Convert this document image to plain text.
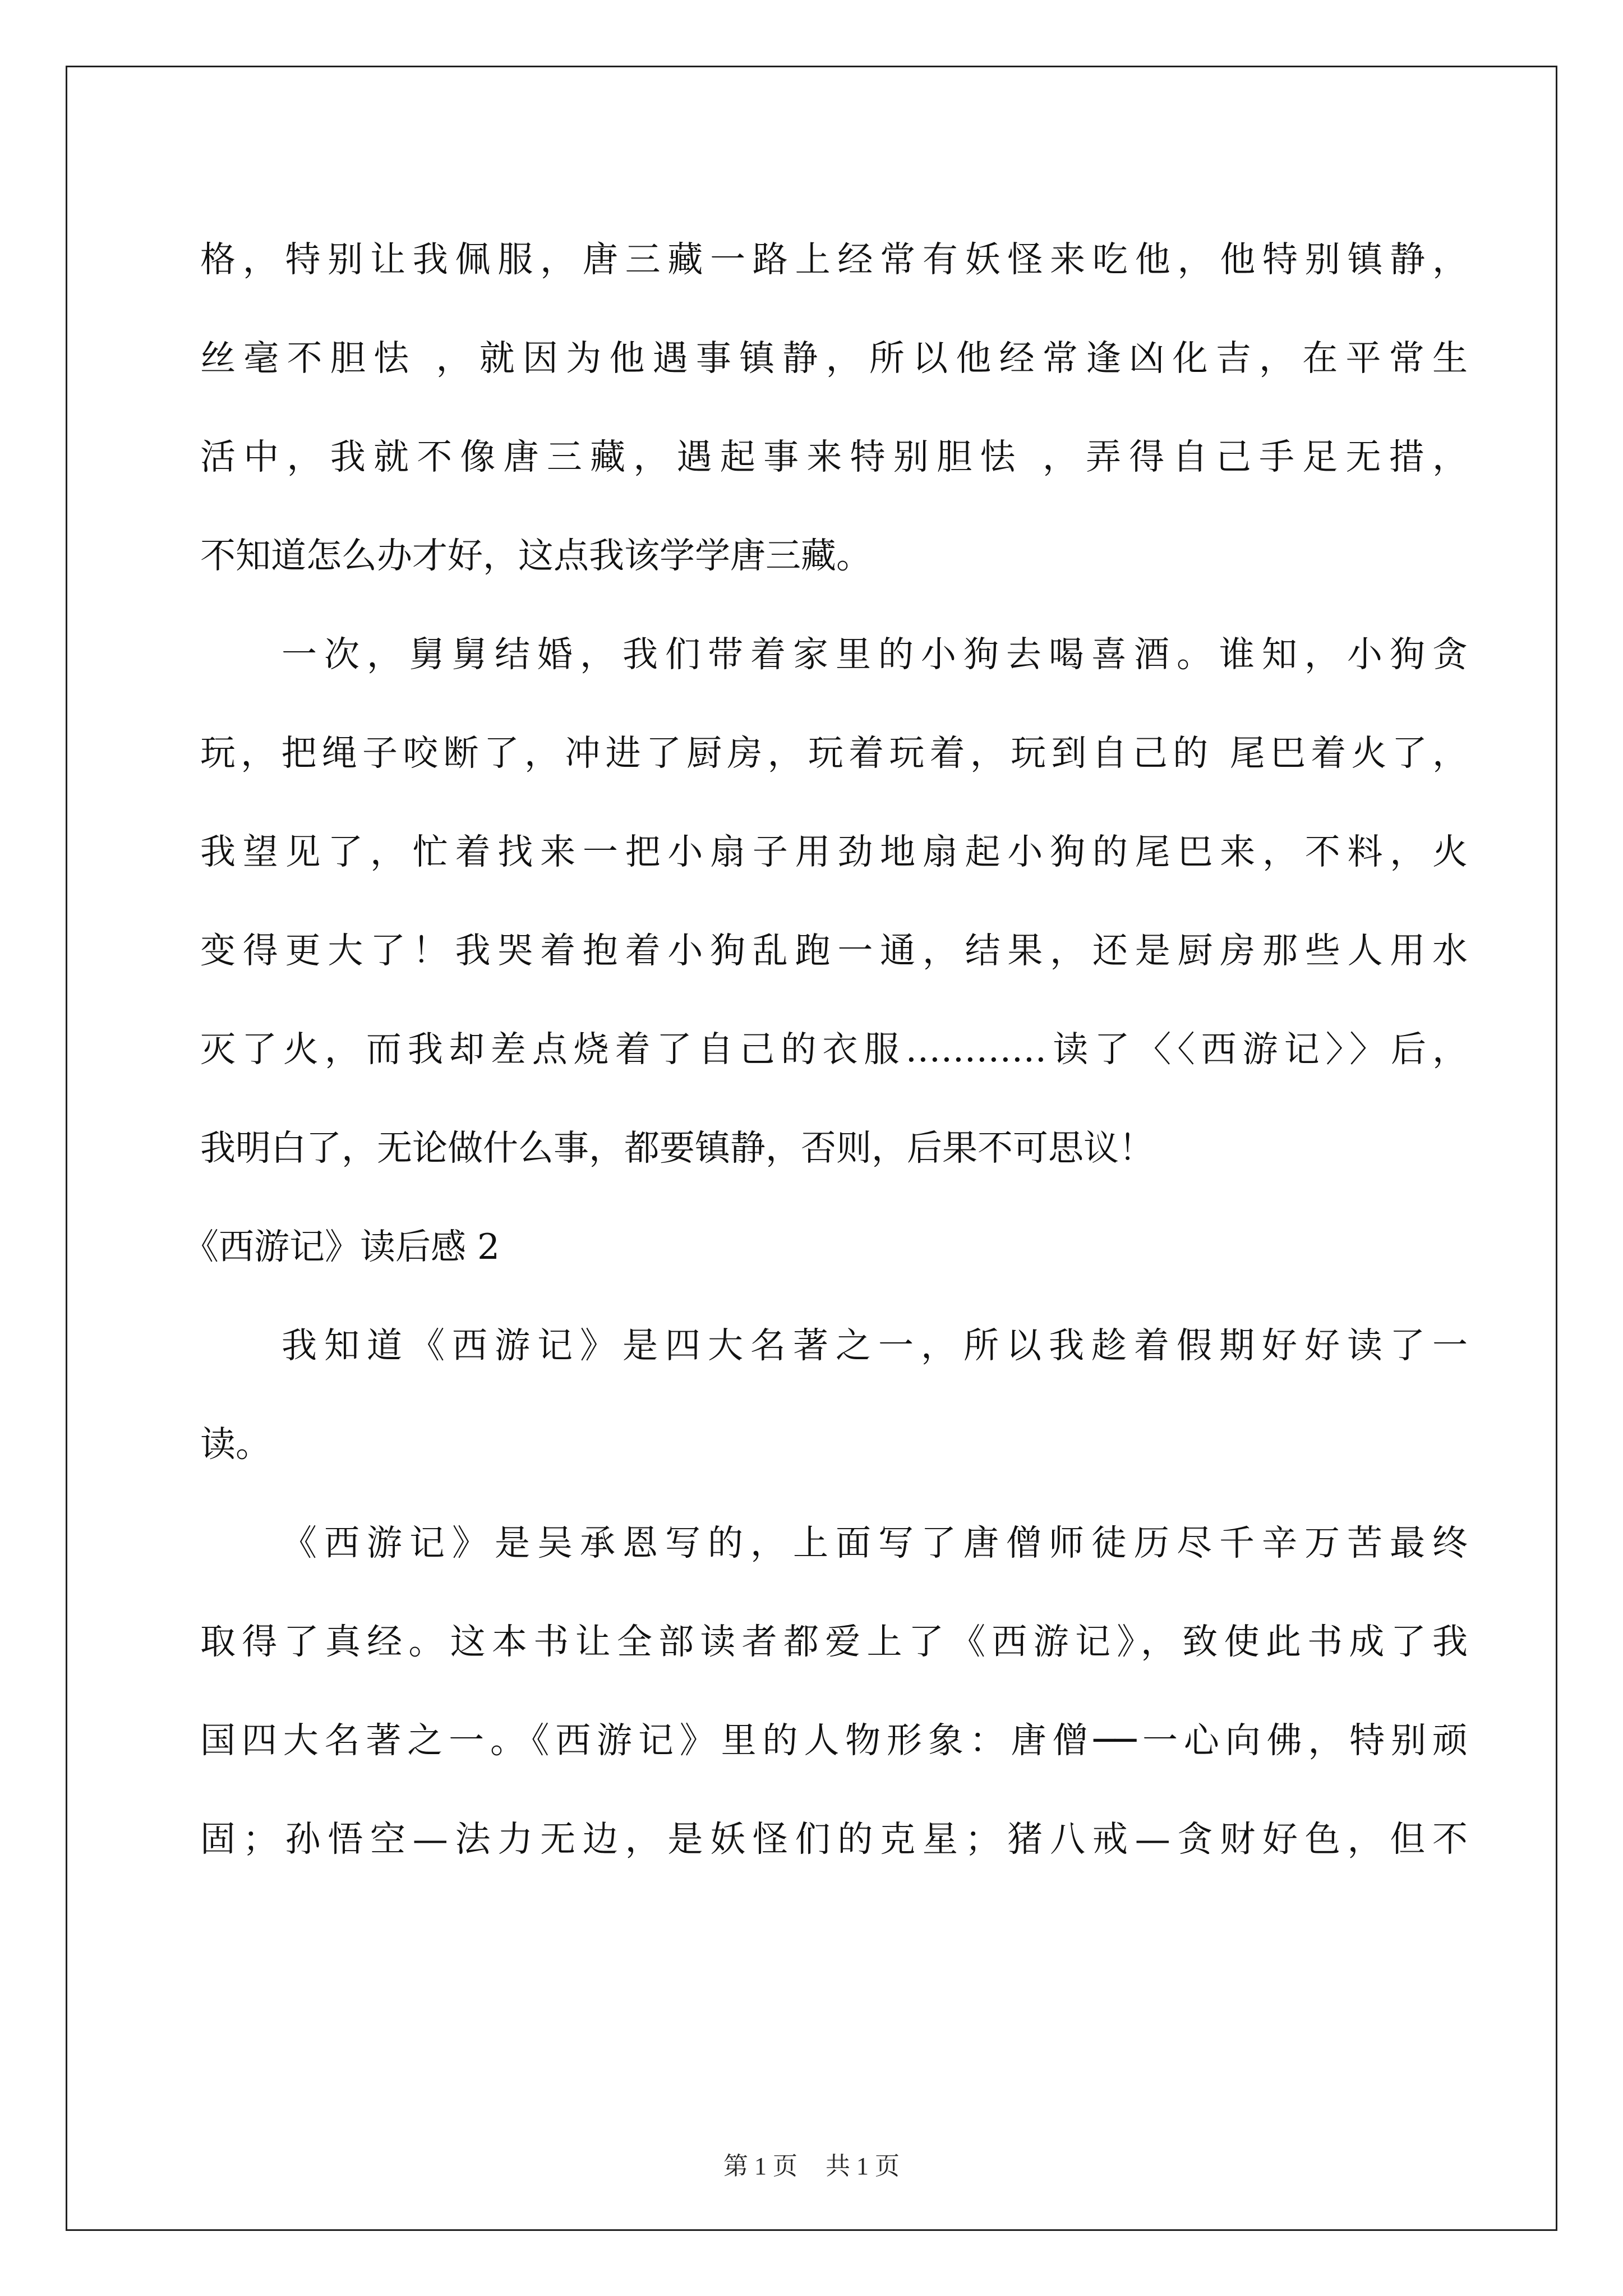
格，特别让我佩服，唐三藏一路上经常有妖怪来吃他，他特别镇静，
丝毫不胆怯 ，就因为他遇事镇静，所以他经常逢凶化吉，在平常生
活中，我就不像唐三藏，遇起事来特别胆怯 ，弄得自己手足无措，
不知道怎么办才好，这点我该学学唐三藏。
一次，舅舅结婚，我们带着家里的小狗去喝喜酒。谁知，小狗贪
玩，把绳子咬断了，冲进了厨房，玩着玩着，玩到自己的 尾巴着火了，
我望见了，忙着找来一把小扇子用劲地扇起小狗的尾巴来，不料，火
变得更大了！我哭着抱着小狗乱跑一通，结果，还是厨房那些人用水
灭了火，而我却差点烧着了自己的衣服…………读了〈〈西游记〉〉后，
我明白了，无论做什么事，都要镇静，否则，后果不可思议！
《西游记》读后感 2
我知道《西游记》是四大名著之一，所以我趁着假期好好读了一
读。
《西游记》是吴承恩写的，上面写了唐僧师徒历尽千辛万苦最终
取得了真经。这本书让全部读者都爱上了《西游记》，致使此书成了我
国四大名著之一。《西游记》里的人物形象：唐僧──一心向佛，特别顽
固；孙悟空—法力无边，是妖怪们的克星；猪八戒—贪财好色，但不
第 1 页 共 1 页
